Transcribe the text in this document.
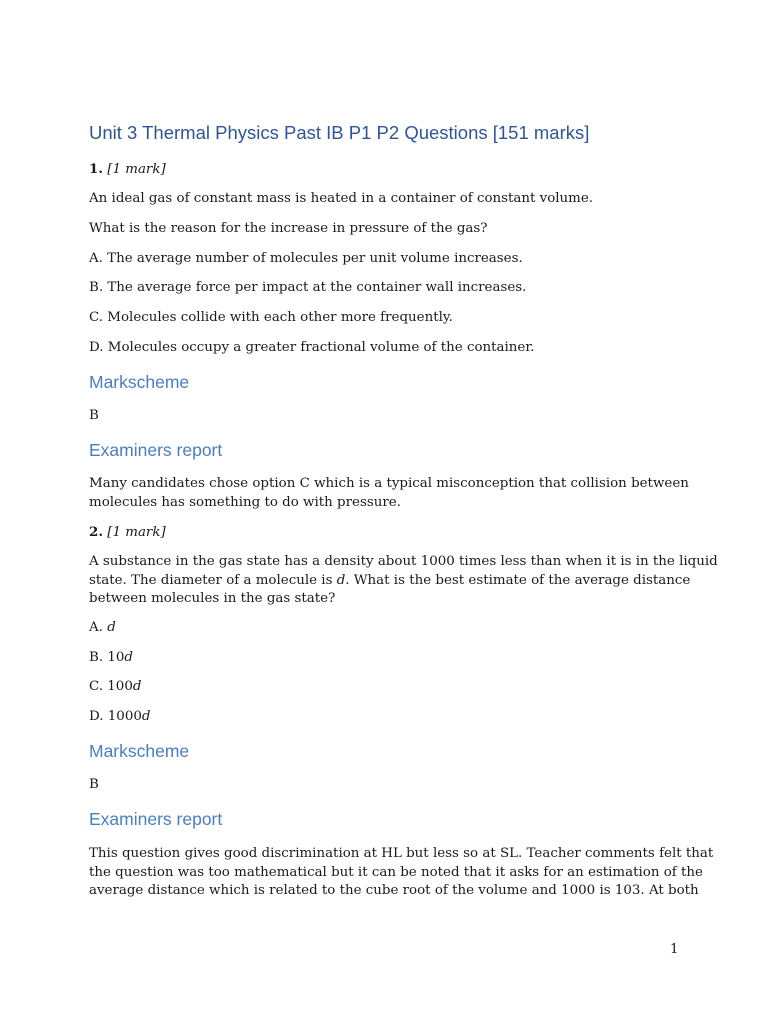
Unit 3 Thermal Physics Past IB P1 P2 Questions [151 marks]
1. [1 mark]
An ideal gas of constant mass is heated in a container of constant volume.
What is the reason for the increase in pressure of the gas?
A. The average number of molecules per unit volume increases.
B. The average force per impact at the container wall increases.
C. Molecules collide with each other more frequently.
D. Molecules occupy a greater fractional volume of the container.
Markscheme
B
Examiners report
Many candidates chose option C which is a typical misconception that collision between
molecules has something to do with pressure.
2. [1 mark]
A substance in the gas state has a density about 1000 times less than when it is in the liquid
state. The diameter of a molecule is d. What is the best estimate of the average distance
between molecules in the gas state?
A. d
B. 10d
C. 100d
D. 1000d
Markscheme
B
Examiners report
This question gives good discrimination at HL but less so at SL. Teacher comments felt that
the question was too mathematical but it can be noted that it asks for an estimation of the
average distance which is related to the cube root of the volume and 1000 is 103. At both
1
